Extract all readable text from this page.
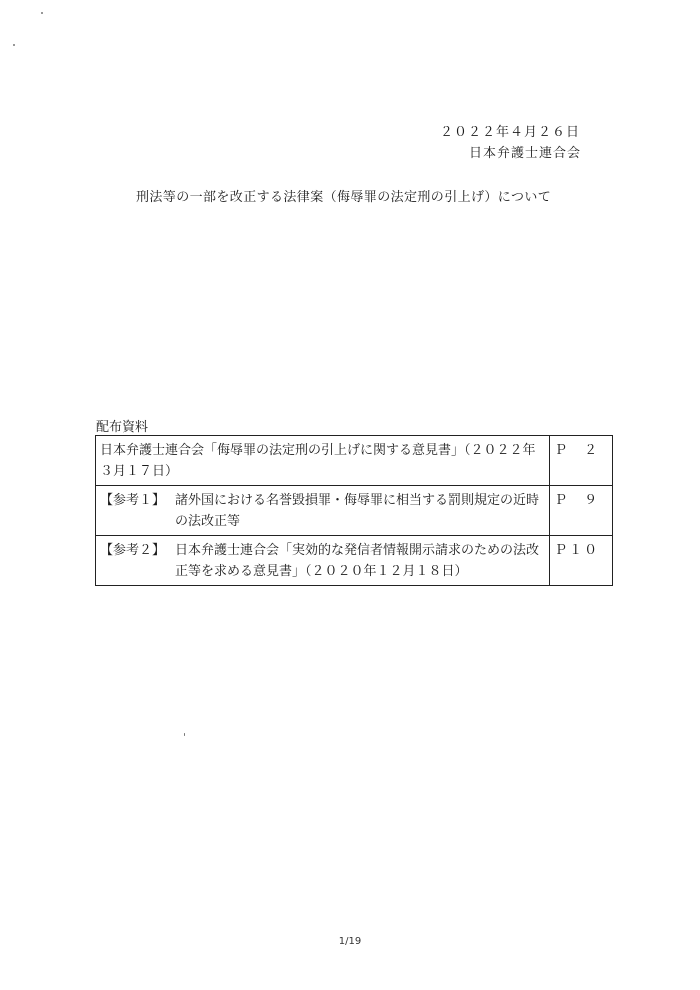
２０２２年４月２６日
日本弁護士連合会
刑法等の一部を改正する法律案（侮辱罪の法定刑の引上げ）について
配布資料
日本弁護士連合会「侮辱罪の法定刑の引上げに関する意見書」（２０２２年３月１７日）	Ｐ　２

【参考１】 諸外国における名誉毀損罪・侮辱罪に相当する罰則規定の近時の法改正等	Ｐ　９

【参考２】 日本弁護士連合会「実効的な発信者情報開示請求のための法改正等を求める意見書」（２０２０年１２月１８日）	Ｐ１０
1/19
